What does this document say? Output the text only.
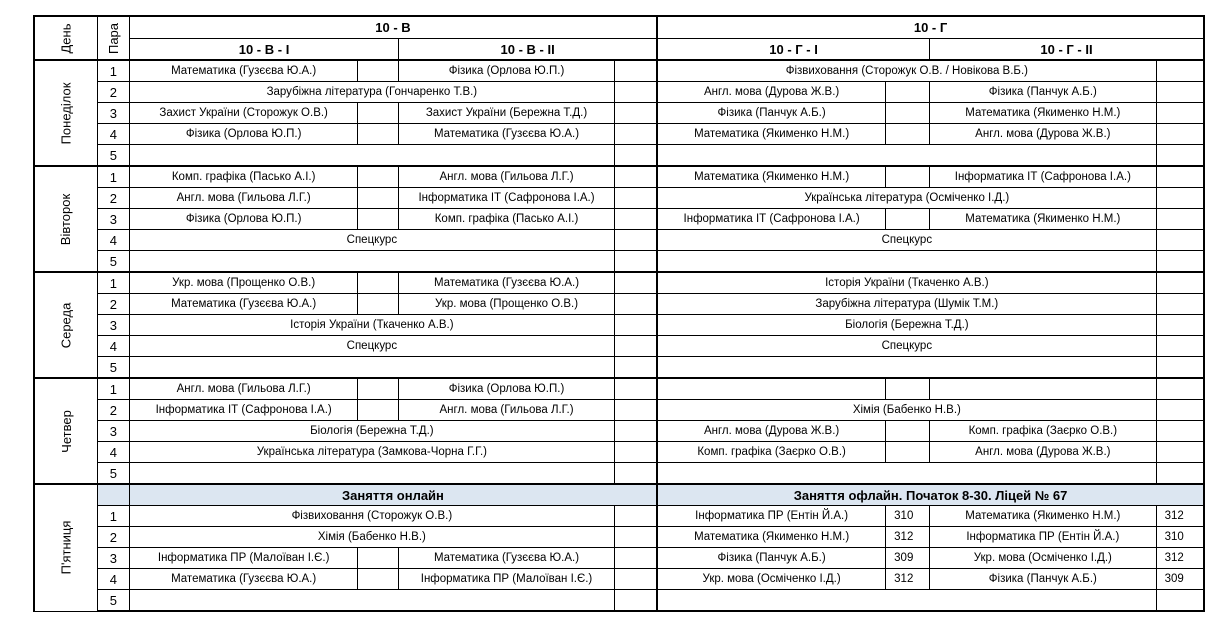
День	Пара	10 - В				10 - Г			
		10 - В - І		10 - В - ІІ		10 - Г - І		10 - Г - ІІ	
Понеділок	1	Математика (Гузєєва Ю.А.)		Фізика (Орлова Ю.П.)		Фізвиховання (Сторожук О.В. / Новікова В.Б.)			
	2	Зарубіжна література (Гончаренко Т.В.)				Англ. мова (Дурова Ж.В.)		Фізика (Панчук А.Б.)	
	3	Захист України (Сторожук О.В.)		Захист України (Бережна Т.Д.)		Фізика (Панчук А.Б.)		Математика (Якименко Н.М.)	
	4	Фізика (Орлова Ю.П.)		Математика (Гузєєва Ю.А.)		Математика (Якименко Н.М.)		Англ. мова (Дурова Ж.В.)	
	5								
Вівторок	1	Комп. графіка (Пасько А.І.)		Англ. мова (Гильова Л.Г.)		Математика (Якименко Н.М.)		Інформатика ІТ (Сафронова І.А.)	
	2	Англ. мова (Гильова Л.Г.)		Інформатика ІТ (Сафронова І.А.)		Українська література (Осміченко І.Д.)			
	3	Фізика (Орлова Ю.П.)		Комп. графіка (Пасько А.І.)		Інформатика ІТ (Сафронова І.А.)		Математика (Якименко Н.М.)	
	4	Спецкурс				Спецкурс			
	5								
Середа	1	Укр. мова (Прощенко О.В.)		Математика (Гузєєва Ю.А.)		Історія України (Ткаченко А.В.)			
	2	Математика (Гузєєва Ю.А.)		Укр. мова (Прощенко О.В.)		Зарубіжна література (Шумік Т.М.)			
	3	Історія України (Ткаченко А.В.)				Біологія (Бережна Т.Д.)			
	4	Спецкурс				Спецкурс			
	5								
Четвер	1	Англ. мова (Гильова Л.Г.)		Фізика (Орлова Ю.П.)					
	2	Інформатика ІТ (Сафронова І.А.)		Англ. мова (Гильова Л.Г.)		Хімія (Бабенко Н.В.)			
	3	Біологія (Бережна Т.Д.)				Англ. мова (Дурова Ж.В.)		Комп. графіка (Заєрко О.В.)	
	4	Українська література (Замкова-Чорна Г.Г.)				Комп. графіка (Заєрко О.В.)		Англ. мова (Дурова Ж.В.)	
	5								
П'ятниця		Заняття онлайн				Заняття офлайн. Початок 8-30. Ліцей № 67			
	1	Фізвиховання (Сторожук О.В.)				Інформатика ПР (Ентін Й.А.)	310	Математика (Якименко Н.М.)	312
	2	Хімія (Бабенко Н.В.)				Математика (Якименко Н.М.)	312	Інформатика ПР (Ентін Й.А.)	310
	3	Інформатика ПР (Малоїван І.Є.)		Математика (Гузєєва Ю.А.)		Фізика (Панчук А.Б.)	309	Укр. мова (Осміченко І.Д.)	312
	4	Математика (Гузєєва Ю.А.)		Інформатика ПР (Малоїван І.Є.)		Укр. мова (Осміченко І.Д.)	312	Фізика (Панчук А.Б.)	309
	5								
